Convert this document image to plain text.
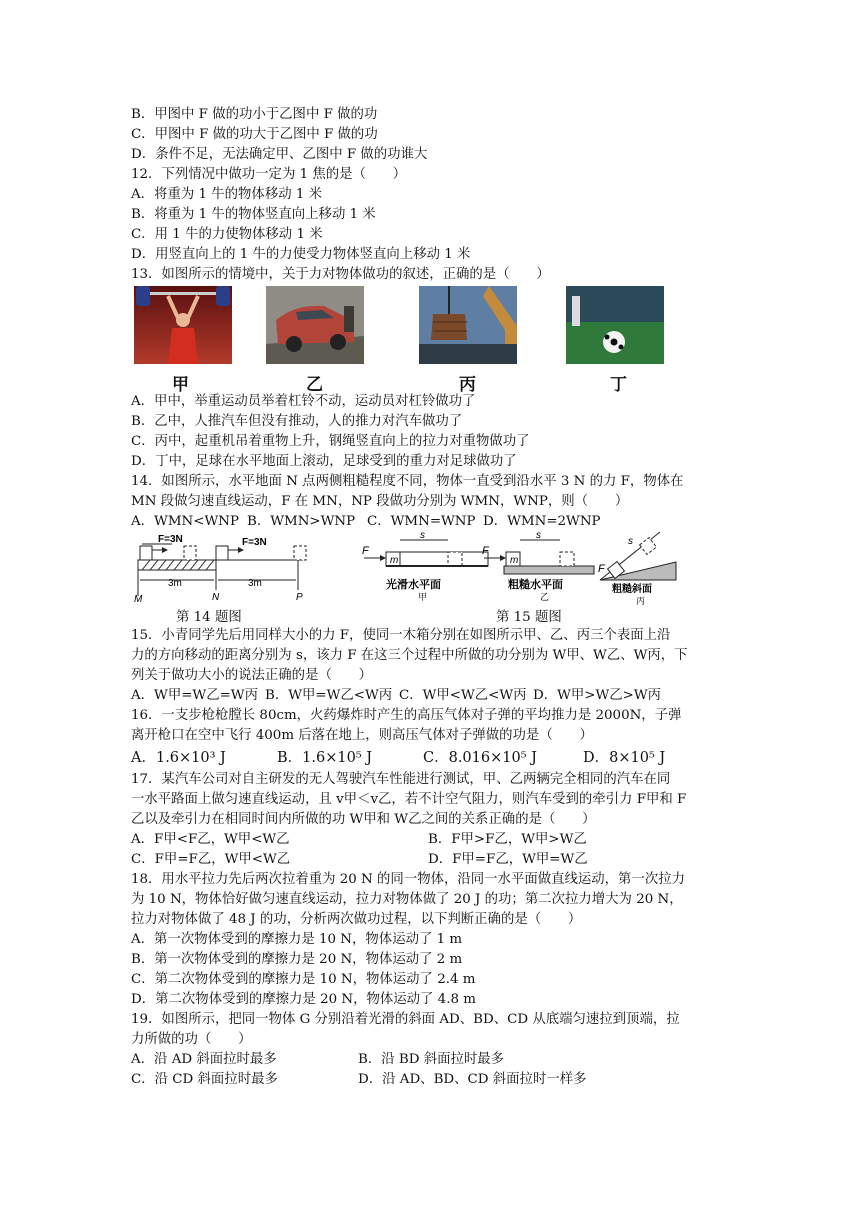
B．甲图中 F 做的功小于乙图中 F 做的功
C．甲图中 F 做的功大于乙图中 F 做的功
D．条件不足，无法确定甲、乙图中 F 做的功谁大
12．下列情况中做功一定为 1 焦的是（　　）
A．将重为 1 牛的物体移动 1 米
B．将重为 1 牛的物体竖直向上移动 1 米
C．用 1 牛的力使物体移动 1 米
D．用竖直向上的 1 牛的力使受力物体竖直向上移动 1 米
13．如图所示的情境中，关于力对物体做功的叙述，正确的是（　　）
甲	乙	丙	丁
A．甲中，举重运动员举着杠铃不动，运动员对杠铃做功了
B．乙中，人推汽车但没有推动，人的推力对汽车做功了
C．丙中，起重机吊着重物上升，钢绳竖直向上的拉力对重物做功了
D．丁中，足球在水平地面上滚动，足球受到的重力对足球做功了
14．如图所示，水平地面 N 点两侧粗糙程度不同，物体一直受到沿水平 3 N 的力 F，物体在
MN 段做匀速直线运动，F 在 MN，NP 段做功分别为 WMN，WNP，则（　　）
A．WMN<WNP B．WMN>WNP C．WMN=WNP D．WMN=2WNP
F=3N	F=3N
3m	3m
M	N	P
F
m
s
光滑水平面
甲
F
m
s
粗糙水平面
乙
F
s
粗糙斜面
丙
第 14 题图	第 15 题图
15．小青同学先后用同样大小的力 F，使同一木箱分别在如图所示甲、乙、丙三个表面上沿
力的方向移动的距离分别为 s，该力 F 在这三个过程中所做的功分别为 W甲、W乙、W丙，下
列关于做功大小的说法正确的是（　　）
A．W甲=W乙=W丙 B．W甲=W乙<W丙 C．W甲<W乙<W丙 D．W甲>W乙>W丙
16．一支步枪枪膛长 80cm，火药爆炸时产生的高压气体对子弹的平均推力是 2000N，子弹
离开枪口在空中飞行 400m 后落在地上，则高压气体对子弹做的功是（　　）
A．1.6×10³ J	B．1.6×10⁵ J	C．8.016×10⁵ J	D．8×10⁵ J
17．某汽车公司对自主研发的无人驾驶汽车性能进行测试，甲、乙两辆完全相同的汽车在同
一水平路面上做匀速直线运动，且 v甲＜v乙，若不计空气阻力，则汽车受到的牵引力 F甲和 F
乙以及牵引力在相同时间内所做的功 W甲和 W乙之间的关系正确的是（　　）
A．F甲<F乙，W甲<W乙	B．F甲>F乙，W甲>W乙
C．F甲=F乙，W甲<W乙	D．F甲=F乙，W甲=W乙
18．用水平拉力先后两次拉着重为 20 N 的同一物体，沿同一水平面做直线运动，第一次拉力
为 10 N，物体恰好做匀速直线运动，拉力对物体做了 20 J 的功；第二次拉力增大为 20 N，
拉力对物体做了 48 J 的功，分析两次做功过程，以下判断正确的是（　　）
A．第一次物体受到的摩擦力是 10 N，物体运动了 1 m
B．第一次物体受到的摩擦力是 20 N，物体运动了 2 m
C．第二次物体受到的摩擦力是 10 N，物体运动了 2.4 m
D．第二次物体受到的摩擦力是 20 N，物体运动了 4.8 m
19．如图所示，把同一物体 G 分别沿着光滑的斜面 AD、BD、CD 从底端匀速拉到顶端，拉
力所做的功（　　）
A．沿 AD 斜面拉时最多	B．沿 BD 斜面拉时最多
C．沿 CD 斜面拉时最多	D．沿 AD、BD、CD 斜面拉时一样多
